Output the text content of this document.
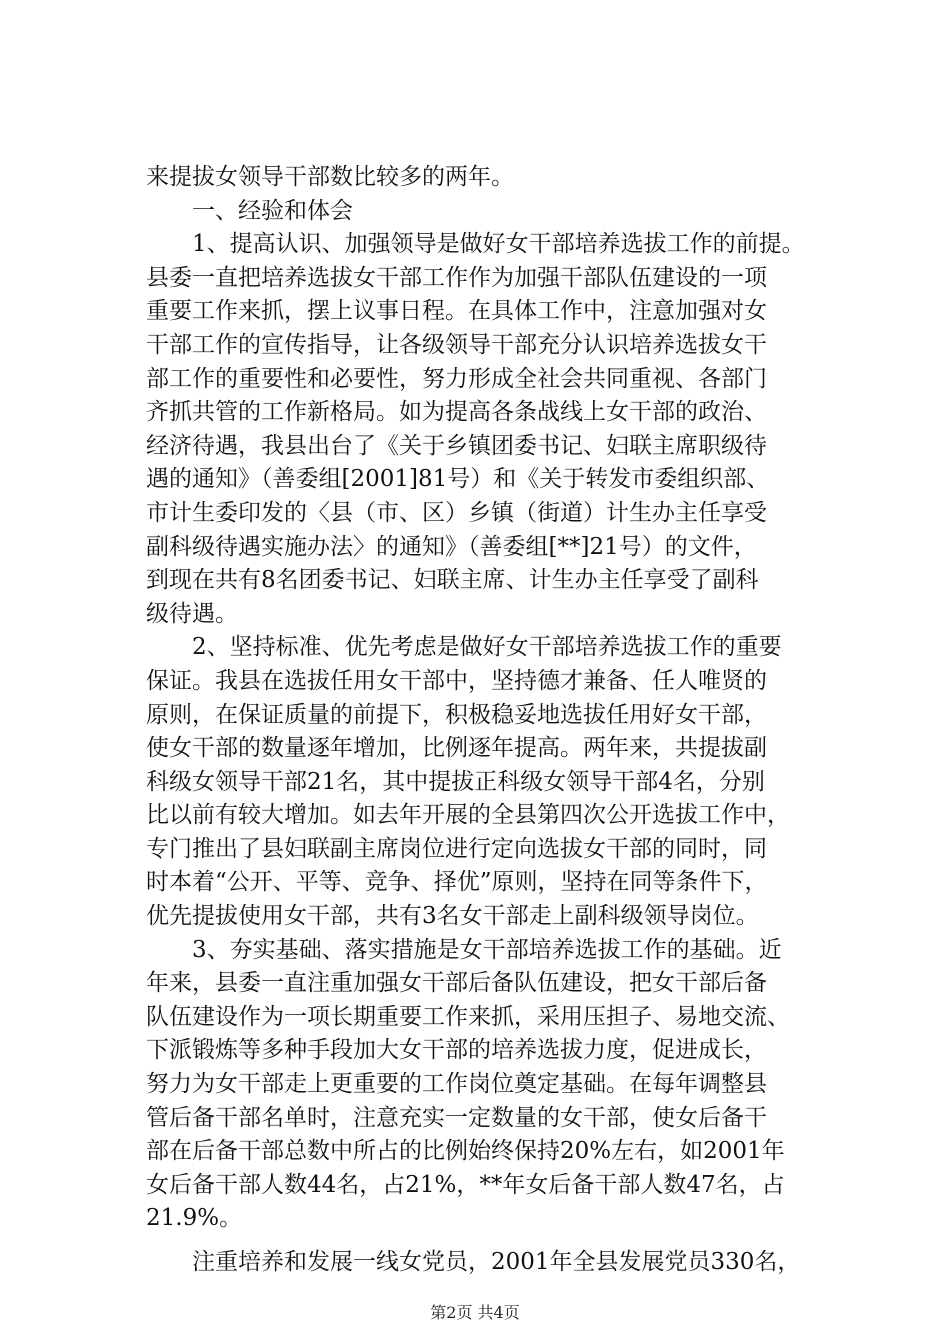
来提拔女领导干部数比较多的两年。
一、经验和体会
1、提高认识、加强领导是做好女干部培养选拔工作的前提。
县委一直把培养选拔女干部工作作为加强干部队伍建设的一项
重要工作来抓，摆上议事日程。在具体工作中，注意加强对女
干部工作的宣传指导，让各级领导干部充分认识培养选拔女干
部工作的重要性和必要性，努力形成全社会共同重视、各部门
齐抓共管的工作新格局。如为提高各条战线上女干部的政治、
经济待遇，我县出台了《关于乡镇团委书记、妇联主席职级待
遇的通知》（善委组[2001]81号）和《关于转发市委组织部、
市计生委印发的〈县（市、区）乡镇（街道）计生办主任享受
副科级待遇实施办法〉的通知》（善委组[**]21号）的文件，
到现在共有8名团委书记、妇联主席、计生办主任享受了副科
级待遇。
2、坚持标准、优先考虑是做好女干部培养选拔工作的重要
保证。我县在选拔任用女干部中，坚持德才兼备、任人唯贤的
原则，在保证质量的前提下，积极稳妥地选拔任用好女干部，
使女干部的数量逐年增加，比例逐年提高。两年来，共提拔副
科级女领导干部21名，其中提拔正科级女领导干部4名，分别
比以前有较大增加。如去年开展的全县第四次公开选拔工作中，
专门推出了县妇联副主席岗位进行定向选拔女干部的同时，同
时本着“公开、平等、竞争、择优”原则，坚持在同等条件下，
优先提拔使用女干部，共有3名女干部走上副科级领导岗位。
3、夯实基础、落实措施是女干部培养选拔工作的基础。近
年来，县委一直注重加强女干部后备队伍建设，把女干部后备
队伍建设作为一项长期重要工作来抓，采用压担子、易地交流、
下派锻炼等多种手段加大女干部的培养选拔力度，促进成长，
努力为女干部走上更重要的工作岗位奠定基础。在每年调整县
管后备干部名单时，注意充实一定数量的女干部，使女后备干
部在后备干部总数中所占的比例始终保持20%左右，如2001年
女后备干部人数44名，占21%，**年女后备干部人数47名，占
21.9%。
注重培养和发展一线女党员，2001年全县发展党员330名，
第2页 共4页
